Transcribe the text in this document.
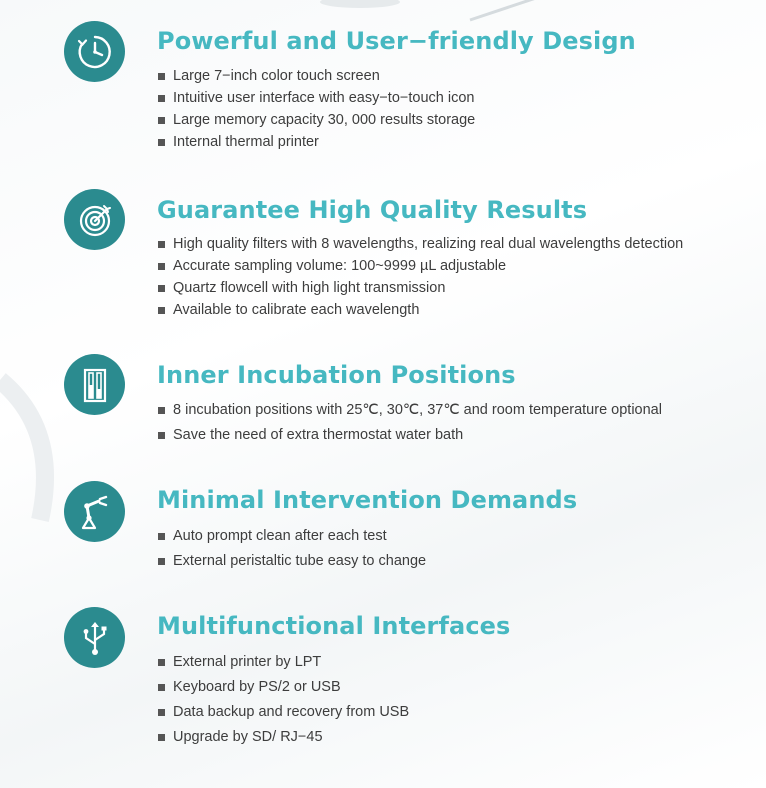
Powerful and User−friendly Design
Large 7−inch color touch screen
Intuitive user interface with easy−to−touch icon
Large memory capacity 30, 000 results storage
Internal thermal printer
Guarantee High Quality Results
High quality filters with 8 wavelengths, realizing real dual wavelengths detection
Accurate sampling volume: 100~9999 µL adjustable
Quartz flowcell with high light transmission
Available to calibrate each wavelength
Inner Incubation Positions
8 incubation positions with 25℃, 30℃, 37℃ and room temperature optional
Save the need of extra thermostat water bath
Minimal Intervention Demands
Auto prompt clean after each test
External peristaltic tube easy to change
Multifunctional Interfaces
External printer by LPT
Keyboard by PS/2 or USB
Data backup and recovery from USB
Upgrade by SD/ RJ−45
